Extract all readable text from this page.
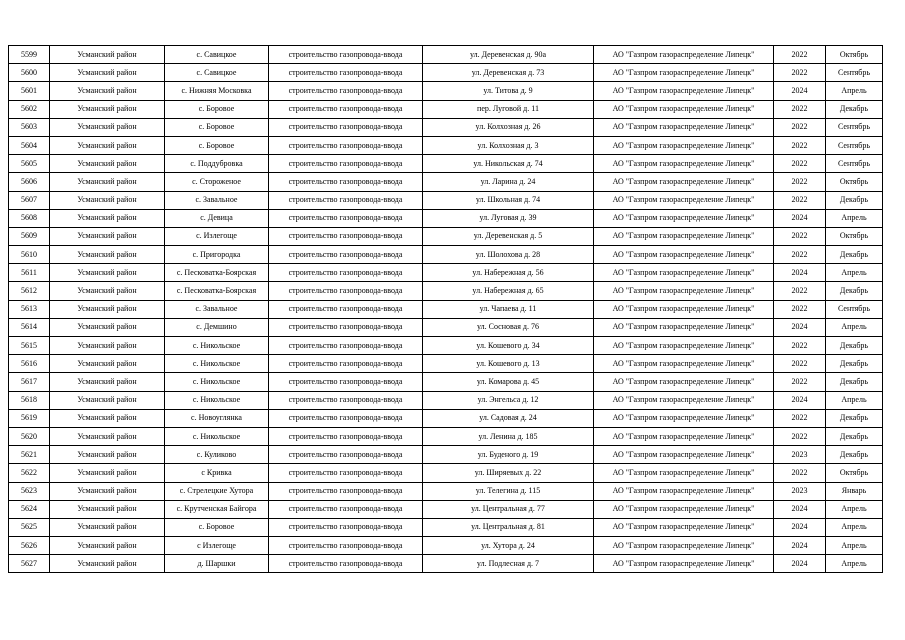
5599	Усманский район	с. Савицкое	строительство газопровода-ввода	ул. Деревенская д. 90а	АО "Газпром газораспределение Липецк"	2022	Октябрь
5600	Усманский район	с. Савицкое	строительство газопровода-ввода	ул. Деревенская д. 73	АО "Газпром газораспределение Липецк"	2022	Сентябрь
5601	Усманский район	с. Нижняя Московка	строительство газопровода-ввода	ул. Титова д. 9	АО "Газпром газораспределение Липецк"	2024	Апрель
5602	Усманский район	с. Боровое	строительство газопровода-ввода	пер. Луговой д. 11	АО "Газпром газораспределение Липецк"	2022	Декабрь
5603	Усманский район	с. Боровое	строительство газопровода-ввода	ул. Колхозная д. 26	АО "Газпром газораспределение Липецк"	2022	Сентябрь
5604	Усманский район	с. Боровое	строительство газопровода-ввода	ул. Колхозная д. 3	АО "Газпром газораспределение Липецк"	2022	Сентябрь
5605	Усманский район	с. Поддубровка	строительство газопровода-ввода	ул. Никольская д. 74	АО "Газпром газораспределение Липецк"	2022	Сентябрь
5606	Усманский район	с. Стороженое	строительство газопровода-ввода	ул. Ларина д. 24	АО "Газпром газораспределение Липецк"	2022	Октябрь
5607	Усманский район	с. Завальное	строительство газопровода-ввода	ул. Школьная д. 74	АО "Газпром газораспределение Липецк"	2022	Декабрь
5608	Усманский район	с. Девица	строительство газопровода-ввода	ул. Луговая д. 39	АО "Газпром газораспределение Липецк"	2024	Апрель
5609	Усманский район	с. Излегоще	строительство газопровода-ввода	ул. Деревенская д. 5	АО "Газпром газораспределение Липецк"	2022	Октябрь
5610	Усманский район	с. Пригородка	строительство газопровода-ввода	ул. Шолохова д. 28	АО "Газпром газораспределение Липецк"	2022	Декабрь
5611	Усманский район	с. Песковатка-Боярская	строительство газопровода-ввода	ул. Набережная д. 56	АО "Газпром газораспределение Липецк"	2024	Апрель
5612	Усманский район	с. Песковатка-Боярская	строительство газопровода-ввода	ул. Набережная д. 65	АО "Газпром газораспределение Липецк"	2022	Декабрь
5613	Усманский район	с. Завальное	строительство газопровода-ввода	ул. Чапаева д. 11	АО "Газпром газораспределение Липецк"	2022	Сентябрь
5614	Усманский район	с. Демшино	строительство газопровода-ввода	ул. Сосновая д. 76	АО "Газпром газораспределение Липецк"	2024	Апрель
5615	Усманский район	с. Никольское	строительство газопровода-ввода	ул. Кошевого д. 34	АО "Газпром газораспределение Липецк"	2022	Декабрь
5616	Усманский район	с. Никольское	строительство газопровода-ввода	ул. Кошевого д. 13	АО "Газпром газораспределение Липецк"	2022	Декабрь
5617	Усманский район	с. Никольское	строительство газопровода-ввода	ул. Комарова д. 45	АО "Газпром газораспределение Липецк"	2022	Декабрь
5618	Усманский район	с. Никольское	строительство газопровода-ввода	ул. Энгельса д. 12	АО "Газпром газораспределение Липецк"	2024	Апрель
5619	Усманский район	с. Новоуглянка	строительство газопровода-ввода	ул. Садовая д. 24	АО "Газпром газораспределение Липецк"	2022	Декабрь
5620	Усманский район	с. Никольское	строительство газопровода-ввода	ул. Ленина д. 185	АО "Газпром газораспределение Липецк"	2022	Декабрь
5621	Усманский район	с. Куликово	строительство газопровода-ввода	ул. Буденого д. 19	АО "Газпром газораспределение Липецк"	2023	Декабрь
5622	Усманский район	с Кривка	строительство газопровода-ввода	ул. Ширяевых д. 22	АО "Газпром газораспределение Липецк"	2022	Октябрь
5623	Усманский район	с. Стрелецкие Хутора	строительство газопровода-ввода	ул. Телегина д. 115	АО "Газпром газораспределение Липецк"	2023	Январь
5624	Усманский район	с. Крутченская Байгора	строительство газопровода-ввода	ул. Центральная д. 77	АО "Газпром газораспределение Липецк"	2024	Апрель
5625	Усманский район	с. Боровое	строительство газопровода-ввода	ул. Центральная д. 81	АО "Газпром газораспределение Липецк"	2024	Апрель
5626	Усманский район	с Излегоще	строительство газопровода-ввода	ул. Хутора д. 24	АО "Газпром газораспределение Липецк"	2024	Апрель
5627	Усманский район	д. Шаршки	строительство газопровода-ввода	ул. Подлесная д. 7	АО "Газпром газораспределение Липецк"	2024	Апрель
